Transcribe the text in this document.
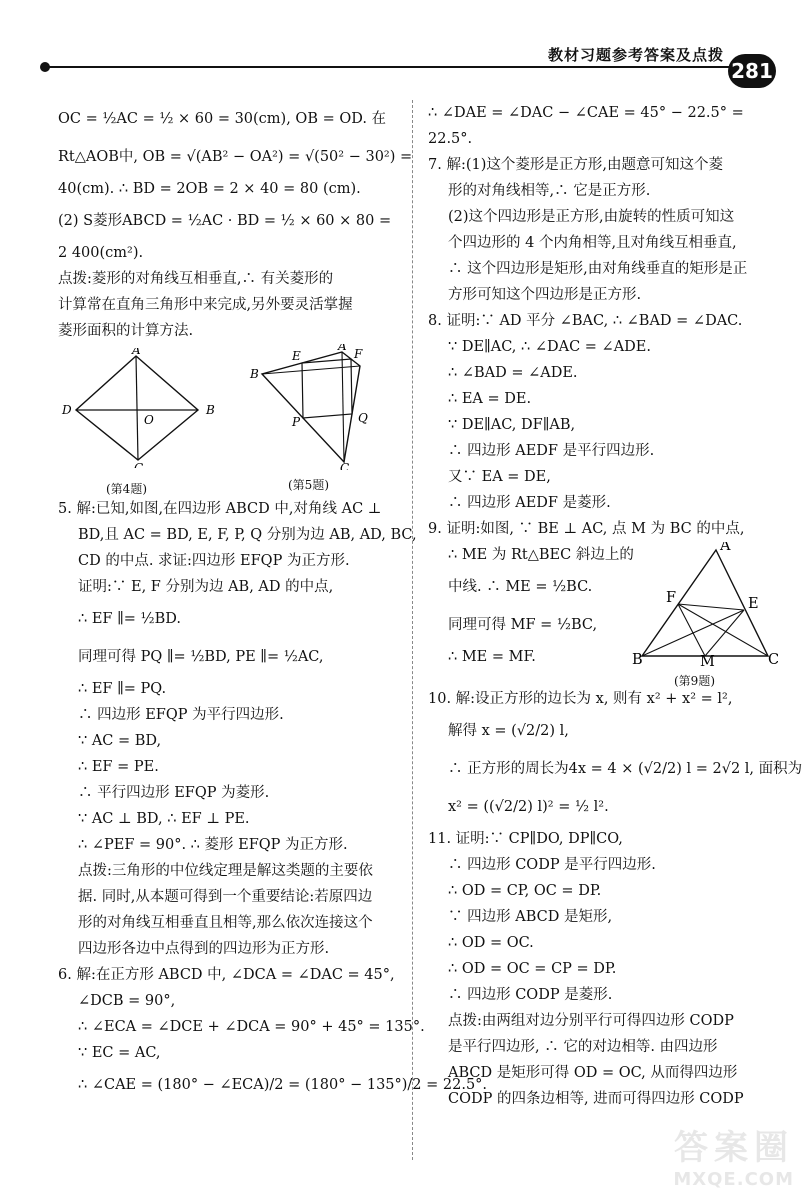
教材习题参考答案及点拨
281
OC = ½AC = ½ × 60 = 30(cm), OB = OD. 在
Rt△AOB中, OB = √(AB² − OA²) = √(50² − 30²) =
40(cm). ∴ BD = 2OB = 2 × 40 = 80 (cm).
(2) S菱形ABCD = ½AC · BD = ½ × 60 × 80 =
2 400(cm²).
点拨:菱形的对角线互相垂直,∴ 有关菱形的
计算常在直角三角形中来完成,另外要灵活掌握
菱形面积的计算方法.
A
B
C
D
O
(第4题)
A
B
C
E	F
P	Q
(第5题)
5. 解:已知,如图,在四边形 ABCD 中,对角线 AC ⊥
BD,且 AC = BD, E, F, P, Q 分别为边 AB, AD, BC,
CD 的中点. 求证:四边形 EFQP 为正方形.
证明:∵ E, F 分别为边 AB, AD 的中点,
∴ EF ∥= ½BD.
同理可得 PQ ∥= ½BD, PE ∥= ½AC,
∴ EF ∥= PQ.
∴ 四边形 EFQP 为平行四边形.
∵ AC = BD,
∴ EF = PE.
∴ 平行四边形 EFQP 为菱形.
∵ AC ⊥ BD, ∴ EF ⊥ PE.
∴ ∠PEF = 90°. ∴ 菱形 EFQP 为正方形.
点拨:三角形的中位线定理是解这类题的主要依
据. 同时,从本题可得到一个重要结论:若原四边
形的对角线互相垂直且相等,那么依次连接这个
四边形各边中点得到的四边形为正方形.
6. 解:在正方形 ABCD 中, ∠DCA = ∠DAC = 45°,
∠DCB = 90°,
∴ ∠ECA = ∠DCE + ∠DCA = 90° + 45° = 135°.
∵ EC = AC,
∴ ∠CAE = (180° − ∠ECA)/2 = (180° − 135°)/2 = 22.5°.
∴ ∠DAE = ∠DAC − ∠CAE = 45° − 22.5° =
22.5°.
7. 解:(1)这个菱形是正方形,由题意可知这个菱
形的对角线相等,∴ 它是正方形.
(2)这个四边形是正方形,由旋转的性质可知这
个四边形的 4 个内角相等,且对角线互相垂直,
∴ 这个四边形是矩形,由对角线垂直的矩形是正
方形可知这个四边形是正方形.
8. 证明:∵ AD 平分 ∠BAC, ∴ ∠BAD = ∠DAC.
∵ DE∥AC, ∴ ∠DAC = ∠ADE.
∴ ∠BAD = ∠ADE.
∴ EA = DE.
∵ DE∥AC, DF∥AB,
∴ 四边形 AEDF 是平行四边形.
又∵ EA = DE,
∴ 四边形 AEDF 是菱形.
9. 证明:如图, ∵ BE ⊥ AC, 点 M 为 BC 的中点,
∴ ME 为 Rt△BEC 斜边上的
中线. ∴ ME = ½BC.
同理可得 MF = ½BC,
∴ ME = MF.
A
B	C
E
F
M
(第9题)
10. 解:设正方形的边长为 x, 则有 x² + x² = l²,
解得 x = (√2/2) l,
∴ 正方形的周长为4x = 4 × (√2/2) l = 2√2 l, 面积为
x² = ((√2/2) l)² = ½ l².
11. 证明:∵ CP∥DO, DP∥CO,
∴ 四边形 CODP 是平行四边形.
∴ OD = CP, OC = DP.
∵ 四边形 ABCD 是矩形,
∴ OD = OC.
∴ OD = OC = CP = DP.
∴ 四边形 CODP 是菱形.
点拨:由两组对边分别平行可得四边形 CODP
是平行四边形, ∴ 它的对边相等. 由四边形
ABCD 是矩形可得 OD = OC, 从而得四边形
CODP 的四条边相等, 进而可得四边形 CODP
答案圈
MXQE.COM
